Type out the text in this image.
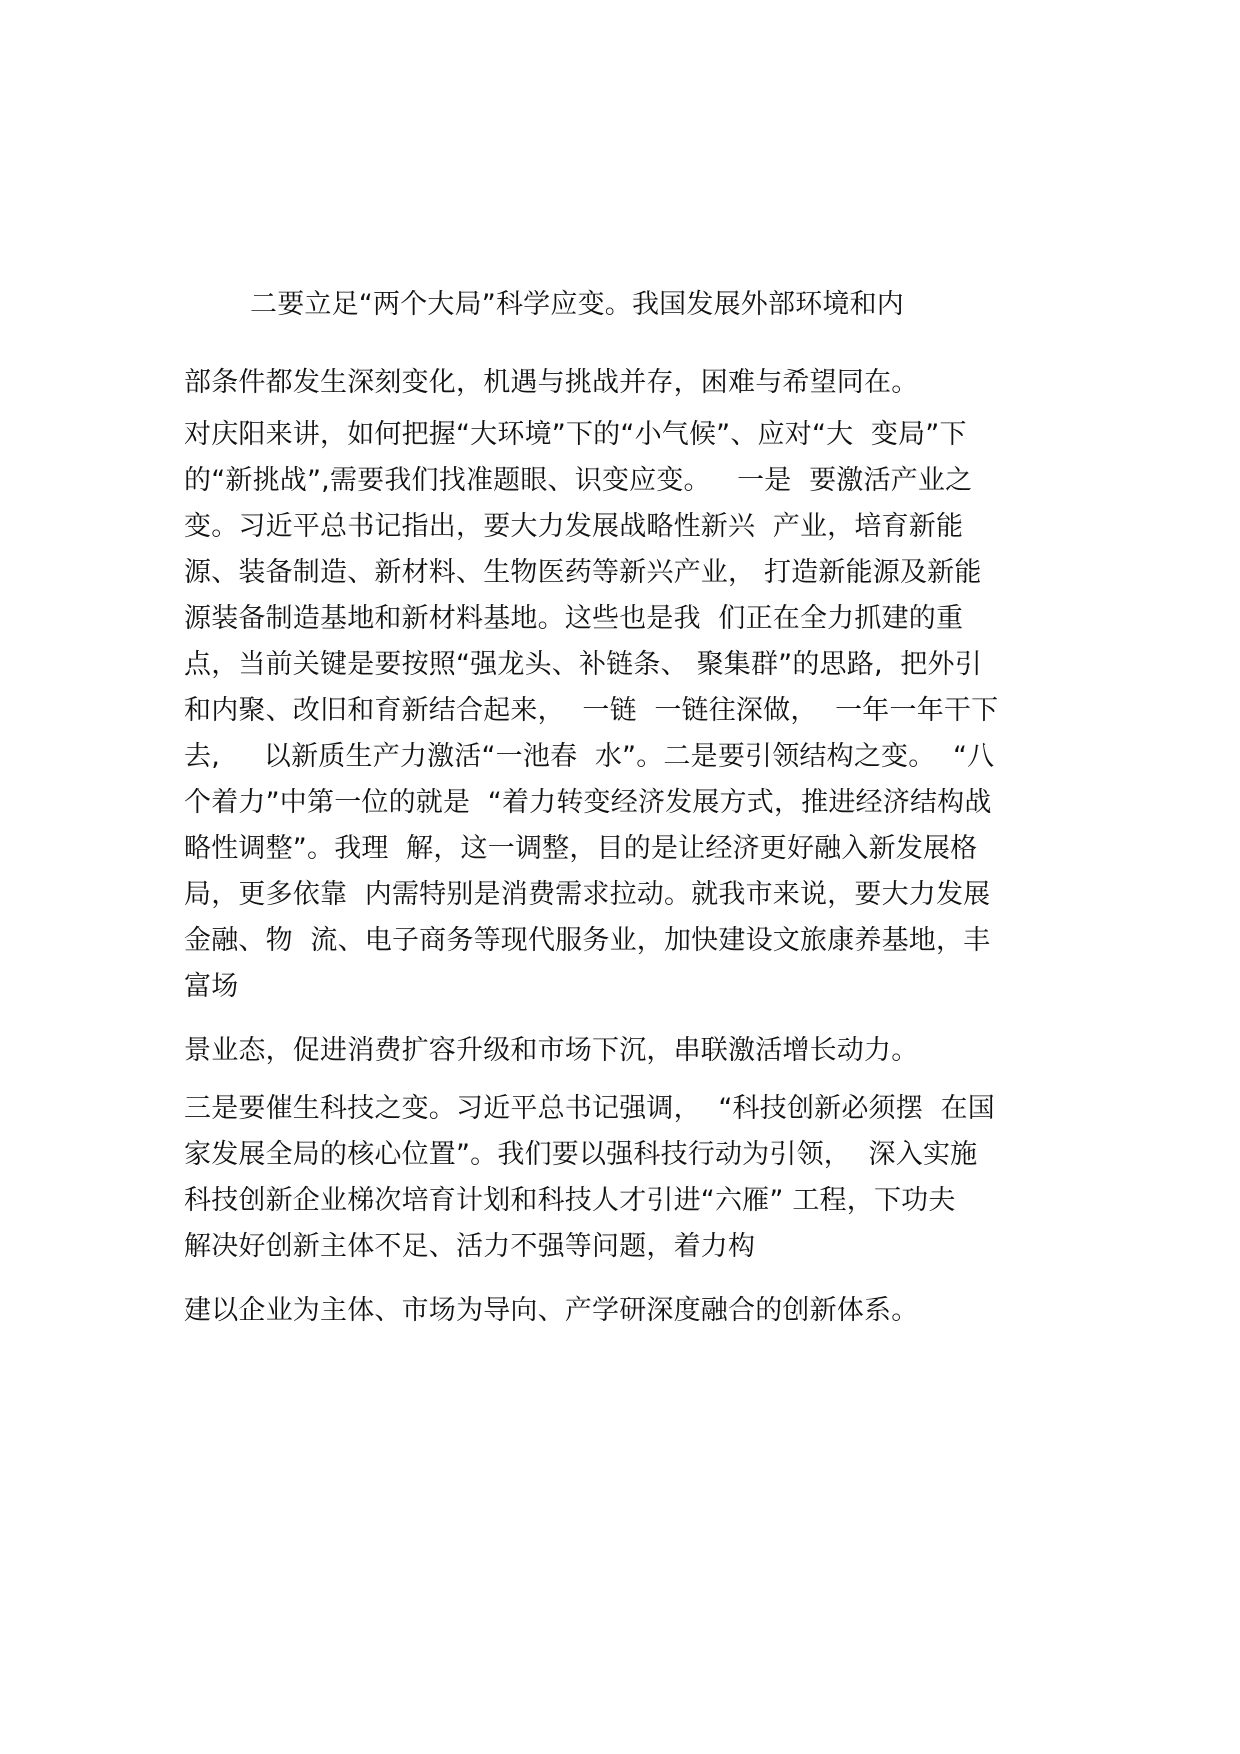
二要立足“两个大局”科学应变。我国发展外部环境和内

部条件都发生深刻变化，机遇与挑战并存，困难与希望同在。

对庆阳来讲，如何把握“大环境”下的“小气候”、应对“大  变局”下

的“新挑战”,需要我们找准题眼、识变应变。   一是  要激活产业之

变。习近平总书记指出，要大力发展战略性新兴  产业，培育新能

源、装备制造、新材料、生物医药等新兴产业， 打造新能源及新能

源装备制造基地和新材料基地。这些也是我  们正在全力抓建的重

点，当前关键是要按照“强龙头、补链条、 聚集群”的思路,  把外引

和内聚、改旧和育新结合起来，  一链  一链往深做，  一年一年干下

去,     以新质生产力激活“一池春  水”。二是要引领结构之变。  “八

个着力”中第一位的就是  “着力转变经济发展方式，推进经济结构战

略性调整”。我理  解，这一调整，目的是让经济更好融入新发展格

局，更多依靠  内需特别是消费需求拉动。就我市来说，要大力发展

金融、物  流、电子商务等现代服务业，加快建设文旅康养基地，丰

富场

景业态，促进消费扩容升级和市场下沉，串联激活增长动力。

三是要催生科技之变。习近平总书记强调，  “科技创新必须摆  在国

家发展全局的核心位置”。我们要以强科技行动为引领，  深入实施

科技创新企业梯次培育计划和科技人才引进“六雁” 工程，下功夫

解决好创新主体不足、活力不强等问题，着力构

建以企业为主体、市场为导向、产学研深度融合的创新体系。
